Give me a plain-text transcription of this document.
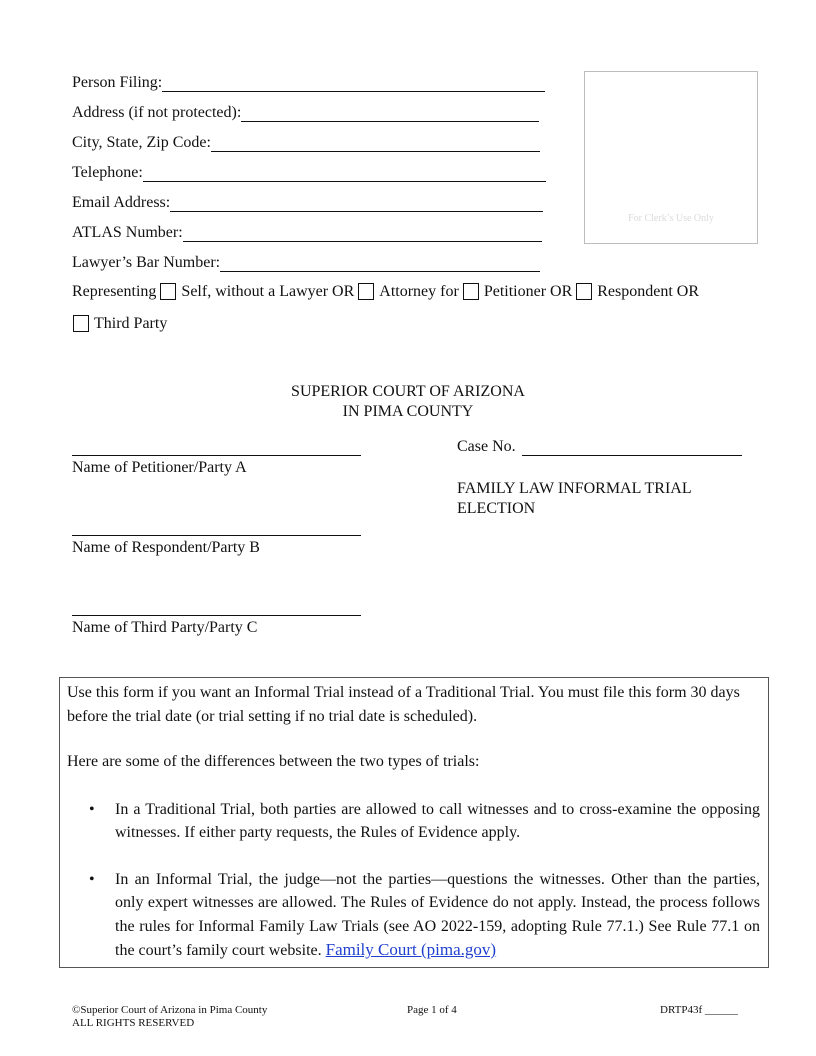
Person Filing:
Address (if not protected):
City, State, Zip Code:
Telephone:
Email Address:
ATLAS Number:
Lawyer’s Bar Number:
For Clerk’s Use Only
Representing Self, without a Lawyer OR Attorney for Petitioner OR Respondent OR
Third Party
SUPERIOR COURT OF ARIZONA
IN PIMA COUNTY
Name of Petitioner/Party A
Name of Respondent/Party B
Name of Third Party/Party C
Case No.
FAMILY LAW INFORMAL TRIAL
ELECTION

Use this form if you want an Informal Trial instead of a Traditional Trial. You must file this form 30 days before the trial date (or trial setting if no trial date is scheduled).

Here are some of the differences between the two types of trials:

• In a Traditional Trial, both parties are allowed to call witnesses and to cross-examine the opposing witnesses. If either party requests, the Rules of Evidence apply.
• In an Informal Trial, the judge—not the parties—questions the witnesses. Other than the parties, only expert witnesses are allowed. The Rules of Evidence do not apply. Instead, the process follows the rules for Informal Family Law Trials (see AO 2022-159, adopting Rule 77.1.) See Rule 77.1 on the court’s family court website. Family Court (pima.gov)
©Superior Court of Arizona in Pima County
ALL RIGHTS RESERVED
Page 1 of 4	DRTP43f ______
